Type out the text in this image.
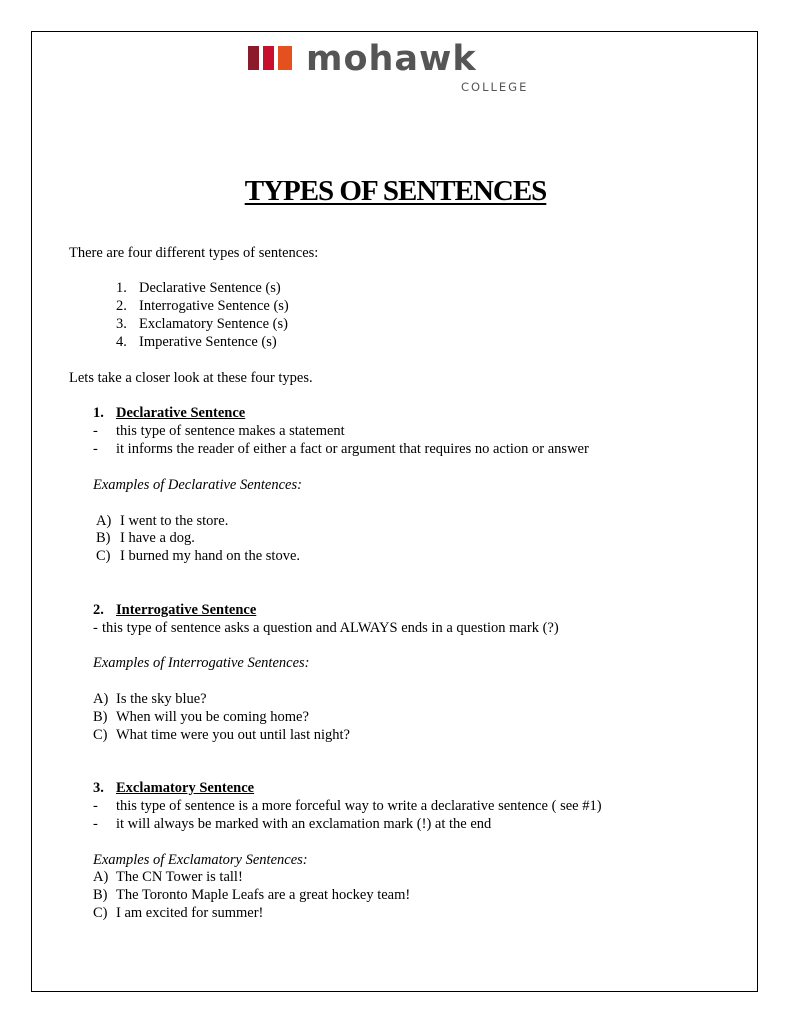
mohawk
COLLEGE
TYPES OF SENTENCES
There are four different types of sentences:
1. Declarative Sentence (s)
2. Interrogative Sentence (s)
3. Exclamatory Sentence (s)
4. Imperative Sentence (s)
Lets take a closer look at these four types.
1. Declarative Sentence
- this type of sentence makes a statement
- it informs the reader of either a fact or argument that requires no action or answer
Examples of Declarative Sentences:
A) I went to the store.
B) I have a dog.
C) I burned my hand on the stove.
2. Interrogative Sentence
- this type of sentence asks a question and ALWAYS ends in a question mark (?)
Examples of Interrogative Sentences:
A) Is the sky blue?
B) When will you be coming home?
C) What time were you out until last night?
3. Exclamatory Sentence
- this type of sentence is a more forceful way to write a declarative sentence ( see #1)
- it will always be marked with an exclamation mark (!) at the end
Examples of Exclamatory Sentences:
A) The CN Tower is tall!
B) The Toronto Maple Leafs are a great hockey team!
C) I am excited for summer!
